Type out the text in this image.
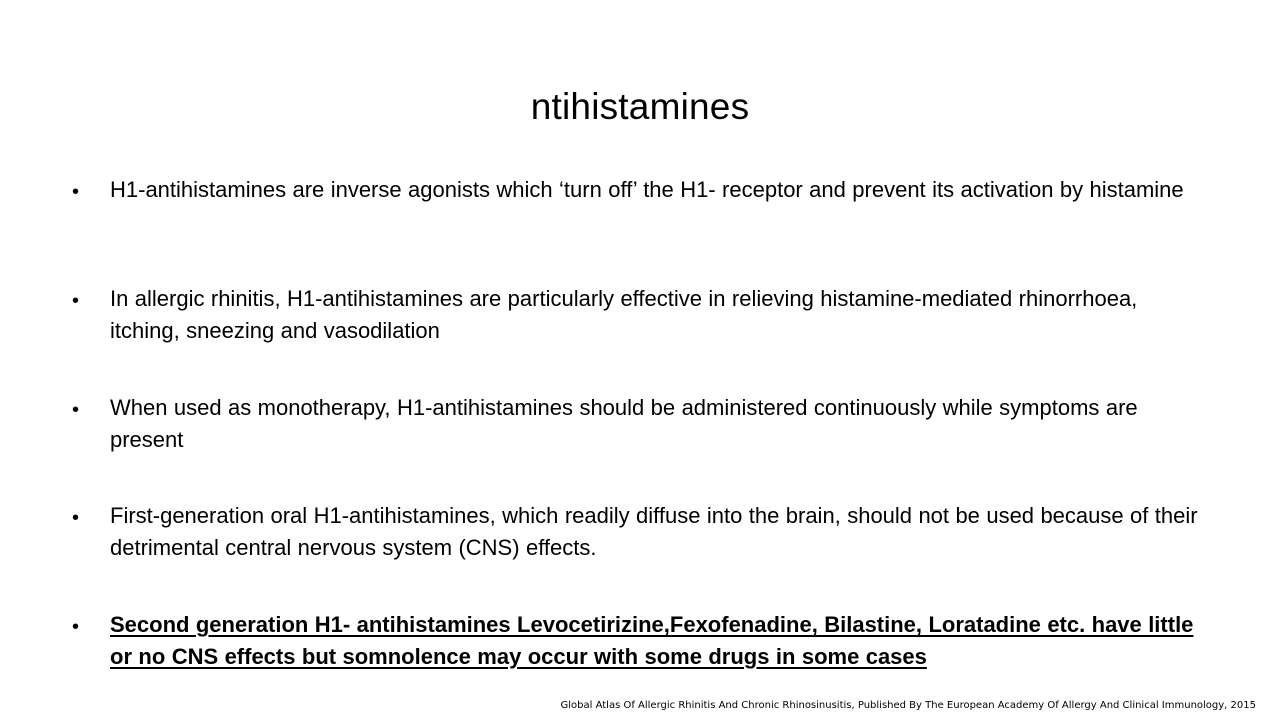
ntihistamines
•	H1-antihistamines are inverse agonists which ‘turn off’ the H1- receptor and prevent its activation by histamine
•	In allergic rhinitis, H1-antihistamines are particularly effective in relieving histamine-mediated rhinorrhoea, itching, sneezing and vasodilation
•	When used as monotherapy, H1-antihistamines should be administered continuously while symptoms are present
•	First-generation oral H1-antihistamines, which readily diffuse into the brain, should not be used because of their detrimental central nervous system (CNS) effects.
•	Second generation H1- antihistamines Levocetirizine,Fexofenadine, Bilastine, Loratadine etc. have little or no CNS effects but somnolence may occur with some drugs in some cases
Global Atlas Of Allergic Rhinitis And Chronic Rhinosinusitis, Published By The European Academy Of Allergy And Clinical Immunology, 2015
